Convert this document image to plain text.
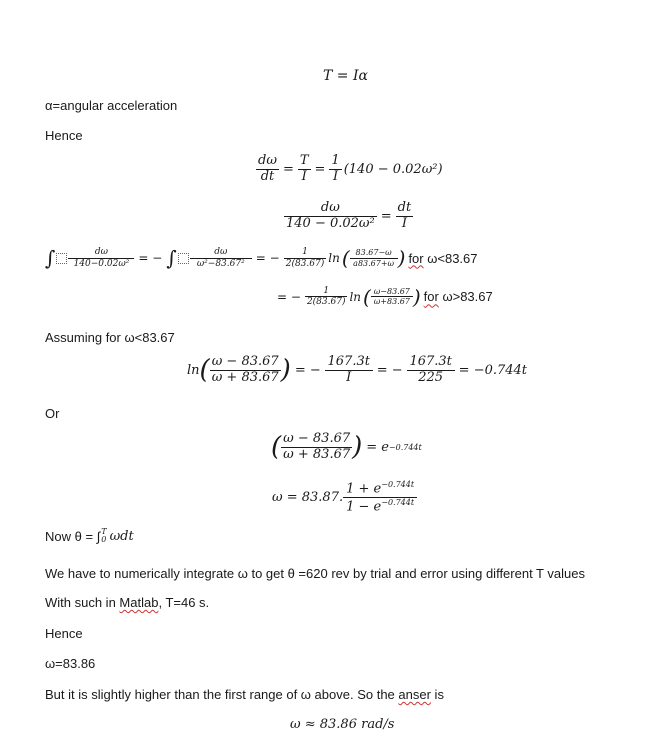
T = Iα
α=angular acceleration
Hence
$\frac{d\omega}{dt} = \frac{T}{I} = \frac{1}{I} (140 - 0.02\omega^2)$
$\frac{d\omega}{\text{140 − 0.02ω²}} = \frac{dt}{I}$
∫ $\frac{d\omega}{\text{140−0.02ω²}}$ = − ∫ $\frac{d\omega}{\text{ω²−83.67²}}$ = − $\frac{1}{2(83.67)}$ ln ( $\frac{83.67-\omega}{a83.67+\omega}$ ) for ω<83.67
= − $\frac{1}{2(83.67)}$ ln ( $\frac{\omega-83.67}{\omega+83.67}$ ) for ω>83.67
Assuming for ω<83.67
ln ( $\frac{\omega - 83.67}{\omega + 83.67}$ ) = − $\frac{167.3t}{I}$ = − $\frac{167.3t}{225} = -0.744t$
Or
( $\frac{\omega - 83.67}{\omega + 83.67}$ ) = e −0.744t
ω = 83.87. $\frac{1 + e^{-0.744t}}{1 - e^{-0.744t}}$
Now θ = ∫ T
0 ωdt
We have to numerically integrate ω to get θ =620 rev by trial and error using different T values
With such in Matlab, T=46 s.
Hence
ω=83.86
But it is slightly higher than the first range of ω above. So the anser is
ω ≈ 83.86 rad/s
